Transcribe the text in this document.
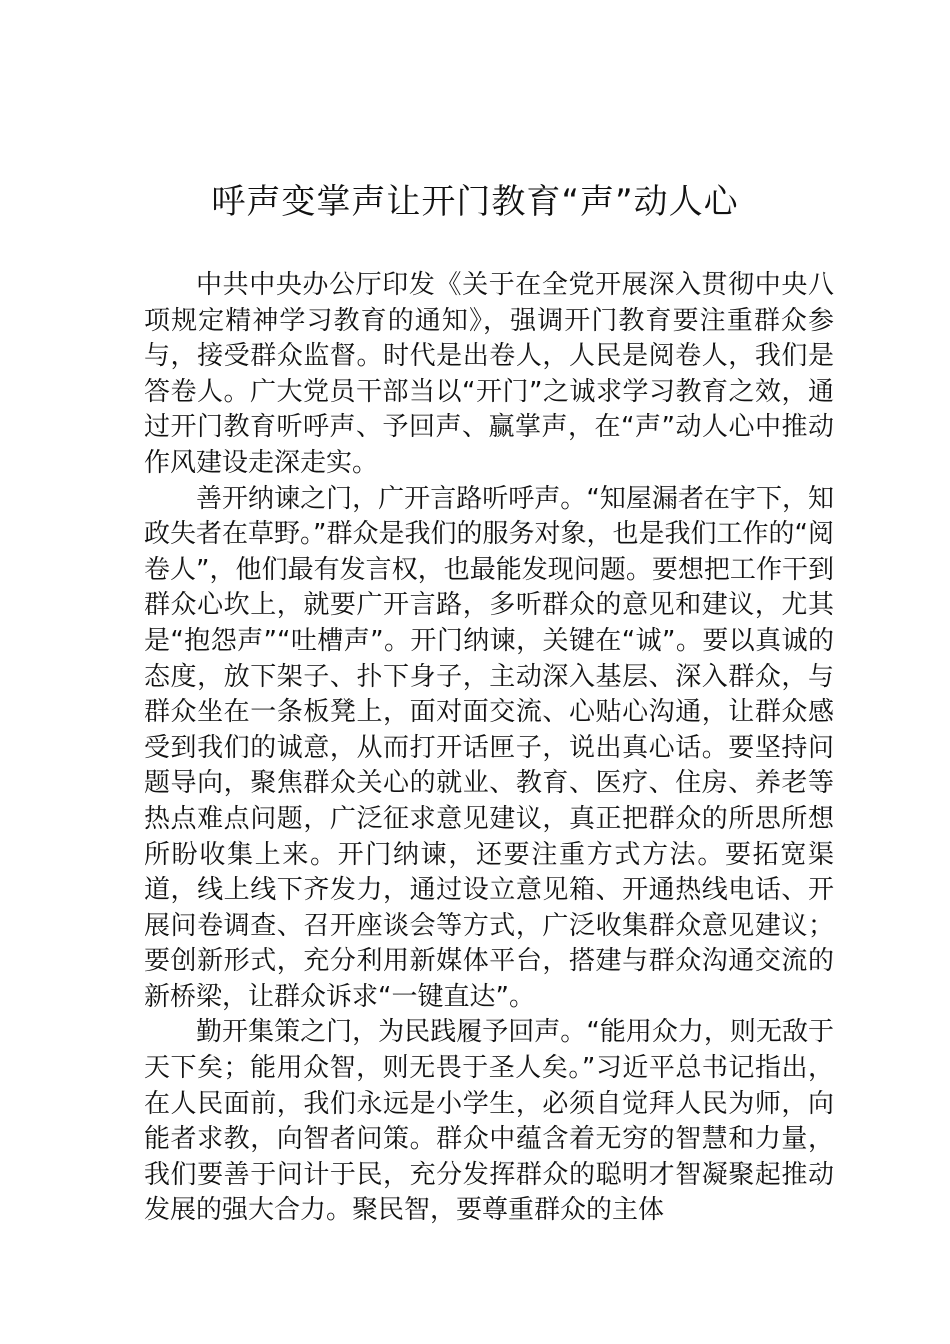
呼声变掌声让开门教育“声”动人心

中共中央办公厅印发《关于在全党开展深入贯彻中央八项规定精神学习教育的通知》，强调开门教育要注重群众参与，接受群众监督。时代是出卷人，人民是阅卷人，我们是答卷人。广大党员干部当以“开门”之诚求学习教育之效，通过开门教育听呼声、予回声、赢掌声，在“声”动人心中推动作风建设走深走实。

善开纳谏之门，广开言路听呼声。“知屋漏者在宇下，知政失者在草野。”群众是我们的服务对象，也是我们工作的“阅卷人”，他们最有发言权，也最能发现问题。要想把工作干到群众心坎上，就要广开言路，多听群众的意见和建议，尤其是“抱怨声”“吐槽声”。开门纳谏，关键在“诚”。要以真诚的态度，放下架子、扑下身子，主动深入基层、深入群众，与群众坐在一条板凳上，面对面交流、心贴心沟通，让群众感受到我们的诚意，从而打开话匣子，说出真心话。要坚持问题导向，聚焦群众关心的就业、教育、医疗、住房、养老等热点难点问题，广泛征求意见建议，真正把群众的所思所想所盼收集上来。开门纳谏，还要注重方式方法。要拓宽渠道，线上线下齐发力，通过设立意见箱、开通热线电话、开展问卷调查、召开座谈会等方式，广泛收集群众意见建议；要创新形式，充分利用新媒体平台，搭建与群众沟通交流的新桥梁，让群众诉求“一键直达”。

勤开集策之门，为民践履予回声。“能用众力，则无敌于天下矣；能用众智，则无畏于圣人矣。”习近平总书记指出，在人民面前，我们永远是小学生，必须自觉拜人民为师，向能者求教，向智者问策。群众中蕴含着无穷的智慧和力量，我们要善于问计于民，充分发挥群众的聪明才智凝聚起推动发展的强大合力。聚民智，要尊重群众的主体
